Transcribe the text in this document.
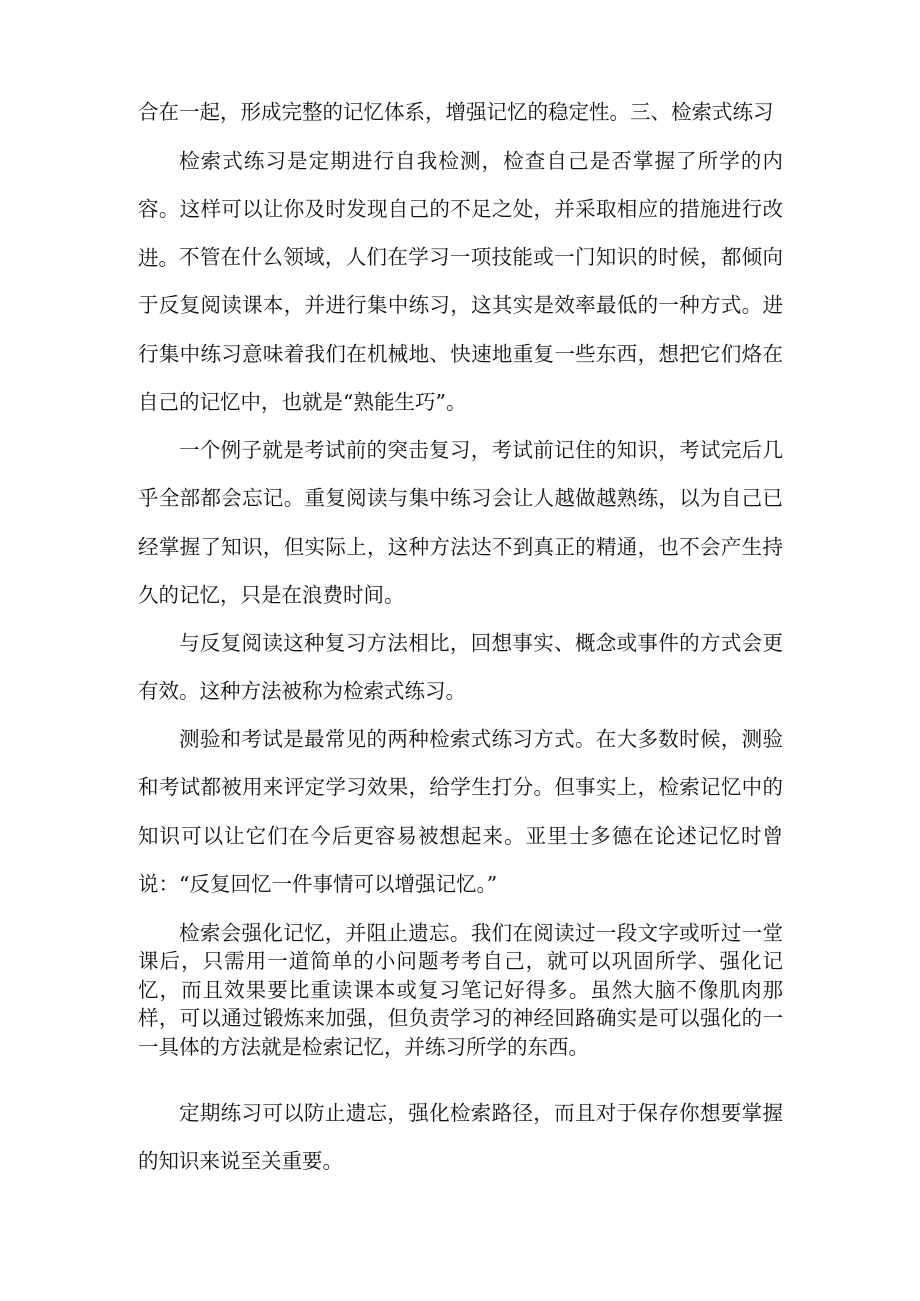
合在一起，形成完整的记忆体系，增强记忆的稳定性。三、检索式练习

检索式练习是定期进行自我检测，检查自己是否掌握了所学的内容。这样可以让你及时发现自己的不足之处，并采取相应的措施进行改进。 不管在什么领域，人们在学习一项技能或一门知识的时候，都倾向于反复阅读课本，并进行集中练习，这其实是效率最低的一种方式。进行集中练习意味着我们在机械地、快速地重复一些东西，想把它们烙在自己的记忆中，也就是“熟能生巧”。

一个例子就是考试前的突击复习，考试前记住的知识，考试完后几乎全部都会忘记。重复阅读与集中练习会让人越做越熟练，以为自己已经掌握了知识，但实际上，这种方法达不到真正的精通，也不会产生持久的记忆，只是在浪费时间。

与反复阅读这种复习方法相比，回想事实、概念或事件的方式会更有效。这种方法被称为检索式练习。

测验和考试是最常见的两种检索式练习方式。在大多数时候，测验和考试都被用来评定学习效果，给学生打分。但事实上，检索记忆中的知识可以让它们在今后更容易被想起来。亚里士多德在论述记忆时曾说：“反复回忆一件事情可以增强记忆。”

检索会强化记忆，并阻止遗忘。我们在阅读过一段文字或听过一堂课后，只需用一道简单的小问题考考自己，就可以巩固所学、强化记忆，而且效果要比重读课本或复习笔记好得多。虽然大脑不像肌肉那样，可以通过锻炼来加强，但负责学习的神经回路确实是可以强化的一一具体的方法就是检索记忆，并练习所学的东西。

定期练习可以防止遗忘，强化检索路径，而且对于保存你想要掌握的知识来说至关重要。
